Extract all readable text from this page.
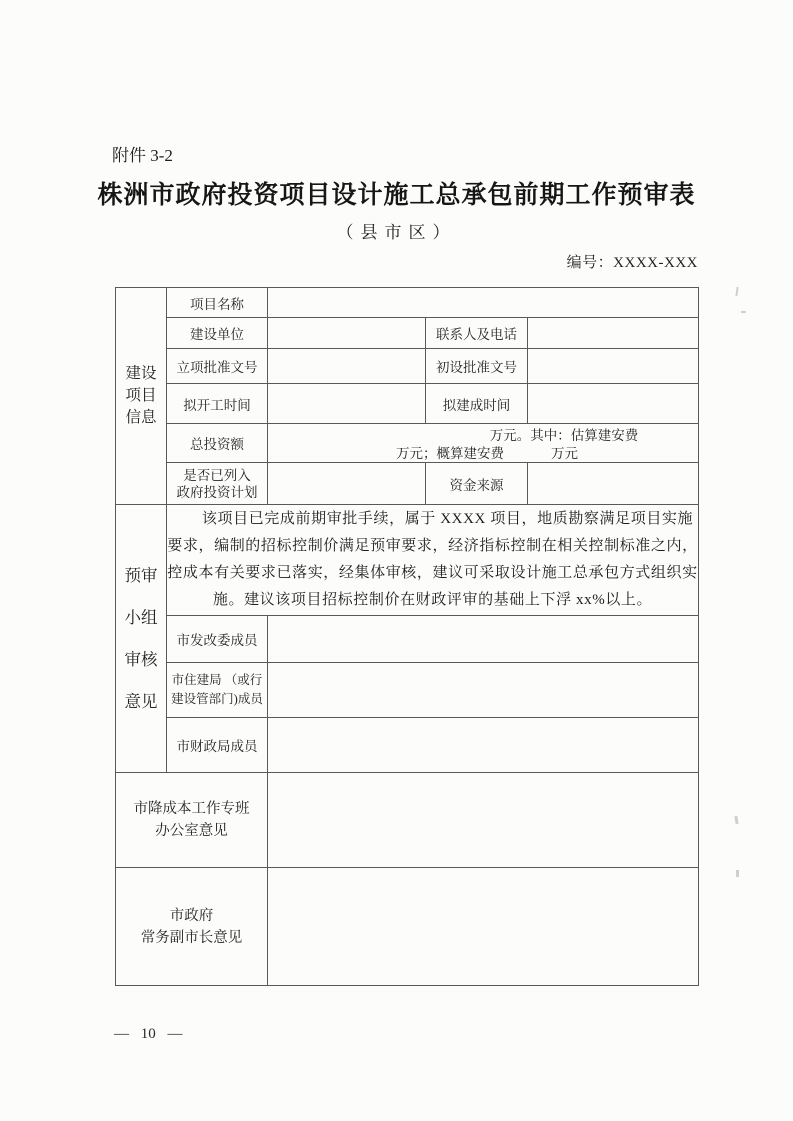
附件 3-2
株洲市政府投资项目设计施工总承包前期工作预审表
（县市区）
编号：XXXX-XXX
建设项目信息	项目名称			
	建设单位		联系人及电话	
	立项批准文号		初设批准文号	
	拟开工时间		拟建成时间	
	总投资额	万元。其中：估算建安费
万元；概算建安费 万元		

	是否已列入
政府投资计划		资金来源	

预审小组审核意见	该项目已完成前期审批手续，属于 XXXX 项目，地质勘察满足项目实施要求，编制的招标控制价满足预审要求，经济指标控制在相关控制标准之内，控成本有关要求已落实，经集体审核，建议可采取设计施工总承包方式组织实施。建议该项目招标控制价在财政评审的基础上下浮 xx%以上。			
	市发改委成员			

	市住建局 （或行
建设管部门)成员			

	市财政局成员			

市降成本工作专班
办公室意见				

市政府
常务副市长意见				

— 10 —
